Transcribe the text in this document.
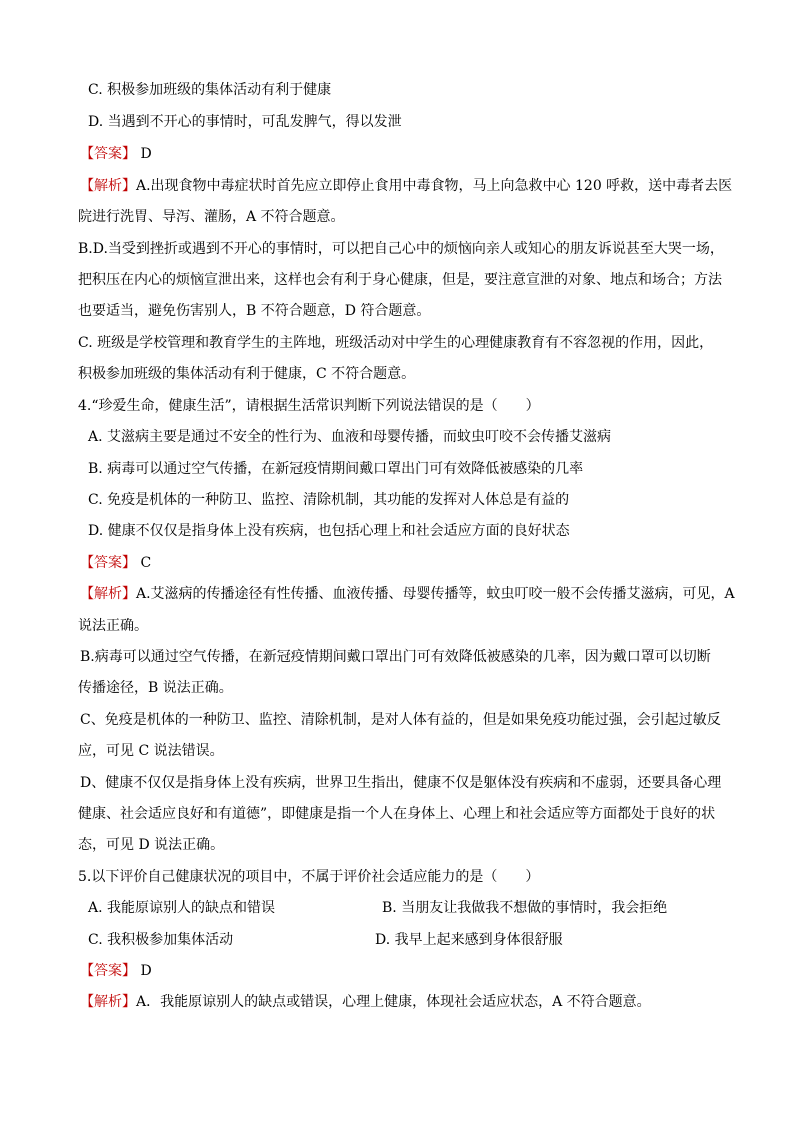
C. 积极参加班级的集体活动有利于健康
D. 当遇到不开心的事情时，可乱发脾气，得以发泄
【答案】 D
【解析】A.出现食物中毒症状时首先应立即停止食用中毒食物，马上向急救中心 120 呼救，送中毒者去医
院进行洗胃、导泻、灌肠，A 不符合题意。
B.D.当受到挫折或遇到不开心的事情时，可以把自己心中的烦恼向亲人或知心的朋友诉说甚至大哭一场，
把积压在内心的烦恼宣泄出来，这样也会有利于身心健康，但是，要注意宣泄的对象、地点和场合；方法
也要适当，避免伤害别人，B 不符合题意，D 符合题意。
C. 班级是学校管理和教育学生的主阵地，班级活动对中学生的心理健康教育有不容忽视的作用，因此，
积极参加班级的集体活动有利于健康，C 不符合题意。
4.“珍爱生命，健康生活”，请根据生活常识判断下列说法错误的是（　　）
A. 艾滋病主要是通过不安全的性行为、血液和母婴传播，而蚊虫叮咬不会传播艾滋病
B. 病毒可以通过空气传播，在新冠疫情期间戴口罩出门可有效降低被感染的几率
C. 免疫是机体的一种防卫、监控、清除机制，其功能的发挥对人体总是有益的
D. 健康不仅仅是指身体上没有疾病，也包括心理上和社会适应方面的良好状态
【答案】 C
【解析】A.艾滋病的传播途径有性传播、血液传播、母婴传播等，蚊虫叮咬一般不会传播艾滋病，可见，A
说法正确。
B.病毒可以通过空气传播，在新冠疫情期间戴口罩出门可有效降低被感染的几率，因为戴口罩可以切断
传播途径，B 说法正确。
C、免疫是机体的一种防卫、监控、清除机制，是对人体有益的，但是如果免疫功能过强，会引起过敏反
应，可见 C 说法错误。
D、健康不仅仅是指身体上没有疾病，世界卫生指出，健康不仅是躯体没有疾病和不虚弱，还要具备心理
健康、社会适应良好和有道德”，即健康是指一个人在身体上、心理上和社会适应等方面都处于良好的状
态，可见 D 说法正确。
5.以下评价自己健康状况的项目中，不属于评价社会适应能力的是（　　）
A. 我能原谅别人的缺点和错误	B. 当朋友让我做我不想做的事情时，我会拒绝
C. 我积极参加集体活动	D. 我早上起来感到身体很舒服
【答案】 D
【解析】A．我能原谅别人的缺点或错误，心理上健康，体现社会适应状态，A 不符合题意。
